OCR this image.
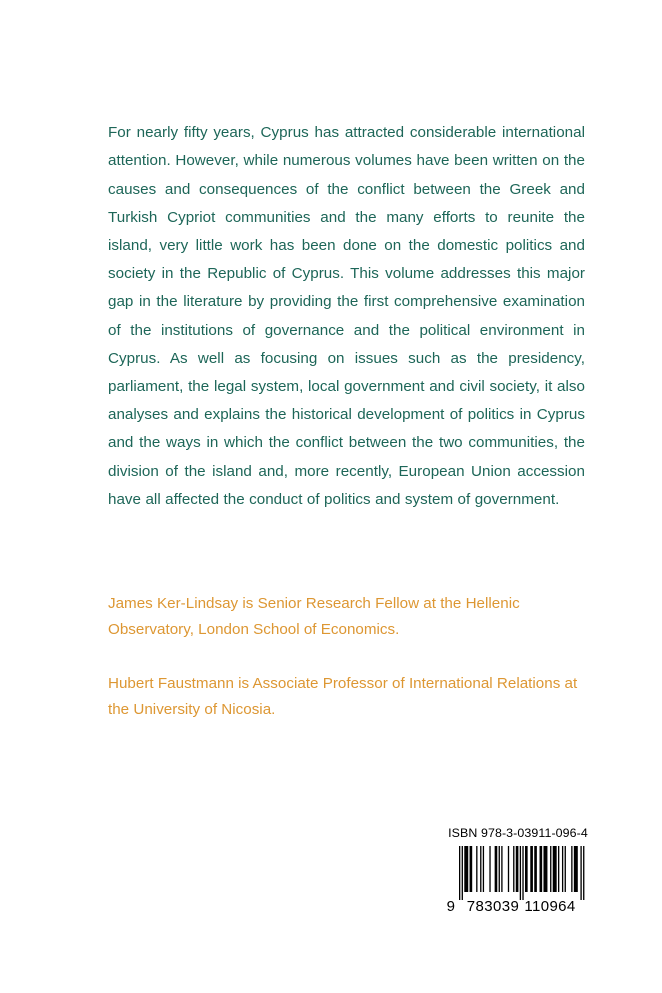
For nearly fifty years, Cyprus has attracted considerable international attention. However, while numerous volumes have been written on the causes and consequences of the conflict between the Greek and Turkish Cypriot communities and the many efforts to reunite the island, very little work has been done on the domestic politics and society in the Republic of Cyprus. This volume addresses this major gap in the literature by providing the first comprehensive examination of the institutions of governance and the political environment in Cyprus. As well as focusing on issues such as the presidency, parliament, the legal system, local government and civil society, it also analyses and explains the historical development of politics in Cyprus and the ways in which the conflict between the two communities, the division of the island and, more recently, European Union accession have all affected the conduct of politics and system of government.

James Ker-Lindsay is Senior Research Fellow at the Hellenic Observatory, London School of Economics.

Hubert Faustmann is Associate Professor of International Relations at the University of Nicosia.

ISBN 978-3-03911-096-4
9 783039 110964
